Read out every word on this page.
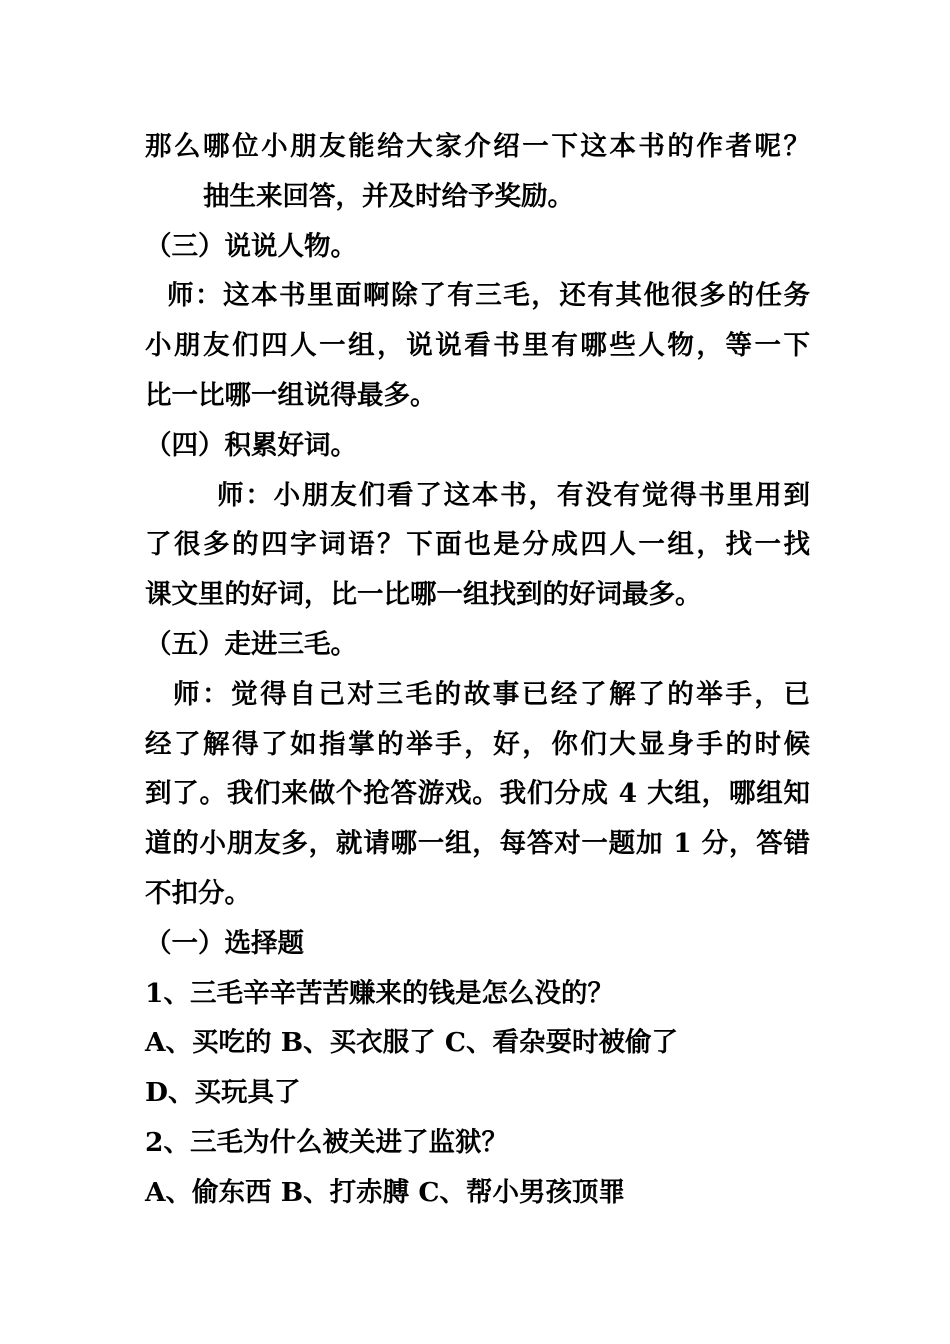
那么哪位小朋友能给大家介绍一下这本书的作者呢？
抽生来回答，并及时给予奖励。
（三）说说人物。
师：这本书里面啊除了有三毛，还有其他很多的任务
小朋友们四人一组，说说看书里有哪些人物，等一下
比一比哪一组说得最多。
（四）积累好词。
师：小朋友们看了这本书，有没有觉得书里用到
了很多的四字词语？下面也是分成四人一组，找一找
课文里的好词，比一比哪一组找到的好词最多。
（五）走进三毛。
师：觉得自己对三毛的故事已经了解了的举手，已
经了解得了如指掌的举手，好，你们大显身手的时候
到了。我们来做个抢答游戏。我们分成 4 大组，哪组知
道的小朋友多，就请哪一组，每答对一题加 1 分，答错
不扣分。
（一）选择题
1、三毛辛辛苦苦赚来的钱是怎么没的？
A、买吃的 B、买衣服了 C、看杂耍时被偷了
D、买玩具了
2、三毛为什么被关进了监狱？
A、偷东西 B、打赤膊 C、帮小男孩顶罪
